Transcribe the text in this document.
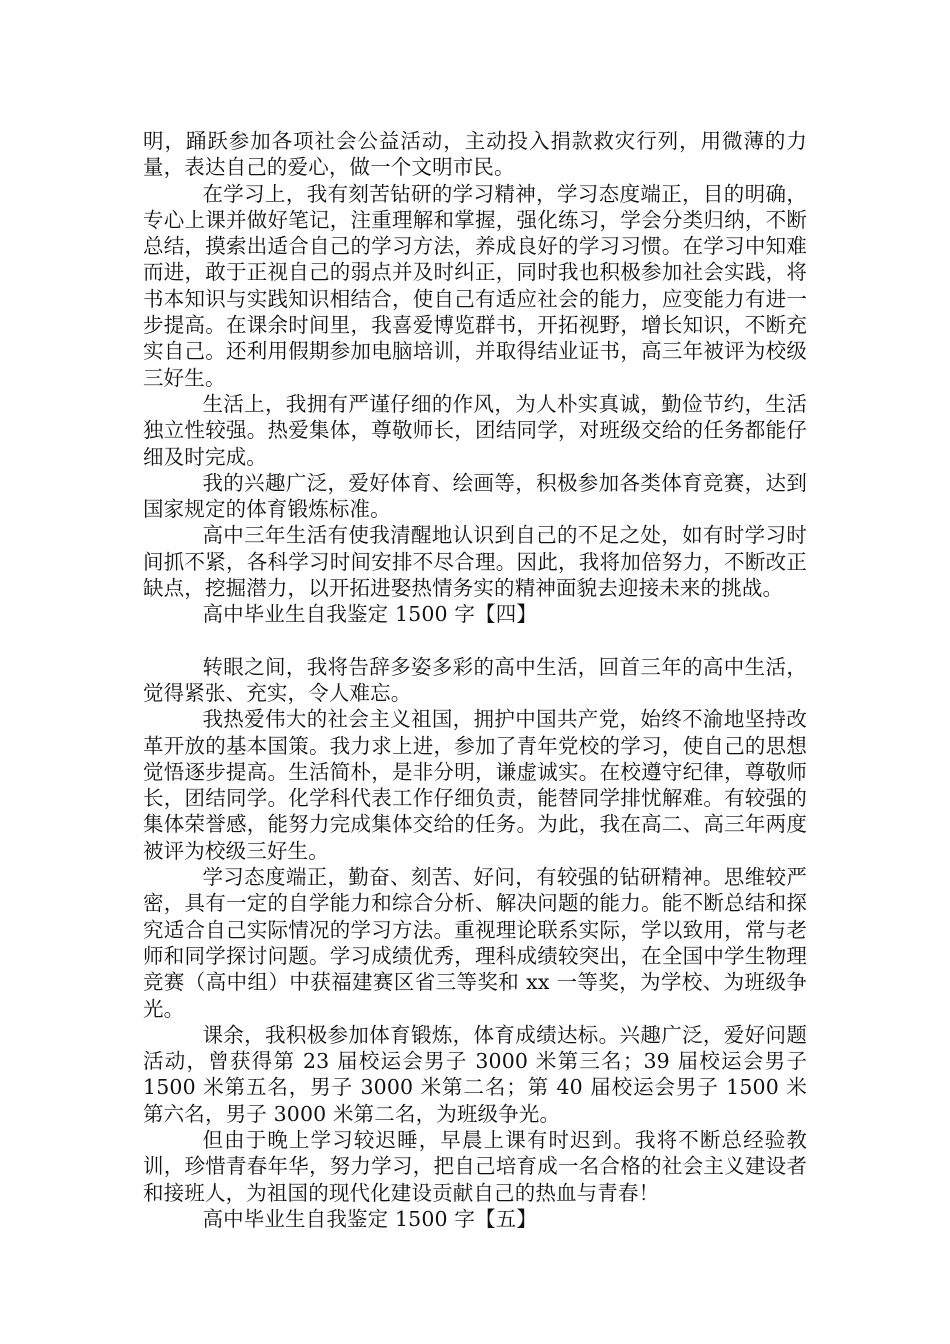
明，踊跃参加各项社会公益活动，主动投入捐款救灾行列，用微薄的力量，表达自己的爱心，做一个文明市民。

在学习上，我有刻苦钻研的学习精神，学习态度端正，目的明确，专心上课并做好笔记，注重理解和掌握，强化练习，学会分类归纳，不断总结，摸索出适合自己的学习方法，养成良好的学习习惯。在学习中知难而进，敢于正视自己的弱点并及时纠正，同时我也积极参加社会实践，将书本知识与实践知识相结合，使自己有适应社会的能力，应变能力有进一步提高。在课余时间里，我喜爱博览群书，开拓视野，增长知识，不断充实自己。还利用假期参加电脑培训，并取得结业证书，高三年被评为校级三好生。

生活上，我拥有严谨仔细的作风，为人朴实真诚，勤俭节约，生活独立性较强。热爱集体，尊敬师长，团结同学，对班级交给的任务都能仔细及时完成。

我的兴趣广泛，爱好体育、绘画等，积极参加各类体育竞赛，达到国家规定的体育锻炼标准。

高中三年生活有使我清醒地认识到自己的不足之处，如有时学习时间抓不紧，各科学习时间安排不尽合理。因此，我将加倍努力，不断改正缺点，挖掘潜力，以开拓进娶热情务实的精神面貌去迎接未来的挑战。

高中毕业生自我鉴定 1500 字【四】

转眼之间，我将告辞多姿多彩的高中生活，回首三年的高中生活，觉得紧张、充实，令人难忘。

我热爱伟大的社会主义祖国，拥护中国共产党，始终不渝地坚持改革开放的基本国策。我力求上进，参加了青年党校的学习，使自己的思想觉悟逐步提高。生活简朴，是非分明，谦虚诚实。在校遵守纪律，尊敬师长，团结同学。化学科代表工作仔细负责，能替同学排忧解难。有较强的集体荣誉感，能努力完成集体交给的任务。为此，我在高二、高三年两度被评为校级三好生。

学习态度端正，勤奋、刻苦、好问，有较强的钻研精神。思维较严密，具有一定的自学能力和综合分析、解决问题的能力。能不断总结和探究适合自己实际情况的学习方法。重视理论联系实际，学以致用，常与老师和同学探讨问题。学习成绩优秀，理科成绩较突出，在全国中学生物理竞赛（高中组）中获福建赛区省三等奖和 xx 一等奖，为学校、为班级争光。

课余，我积极参加体育锻炼，体育成绩达标。兴趣广泛，爱好问题活动，曾获得第 23 届校运会男子 3000 米第三名；39 届校运会男子 1500 米第五名，男子 3000 米第二名；第 40 届校运会男子 1500 米第六名，男子 3000 米第二名，为班级争光。

但由于晚上学习较迟睡，早晨上课有时迟到。我将不断总经验教训，珍惜青春年华，努力学习，把自己培育成一名合格的社会主义建设者和接班人，为祖国的现代化建设贡献自己的热血与青春！

高中毕业生自我鉴定 1500 字【五】
